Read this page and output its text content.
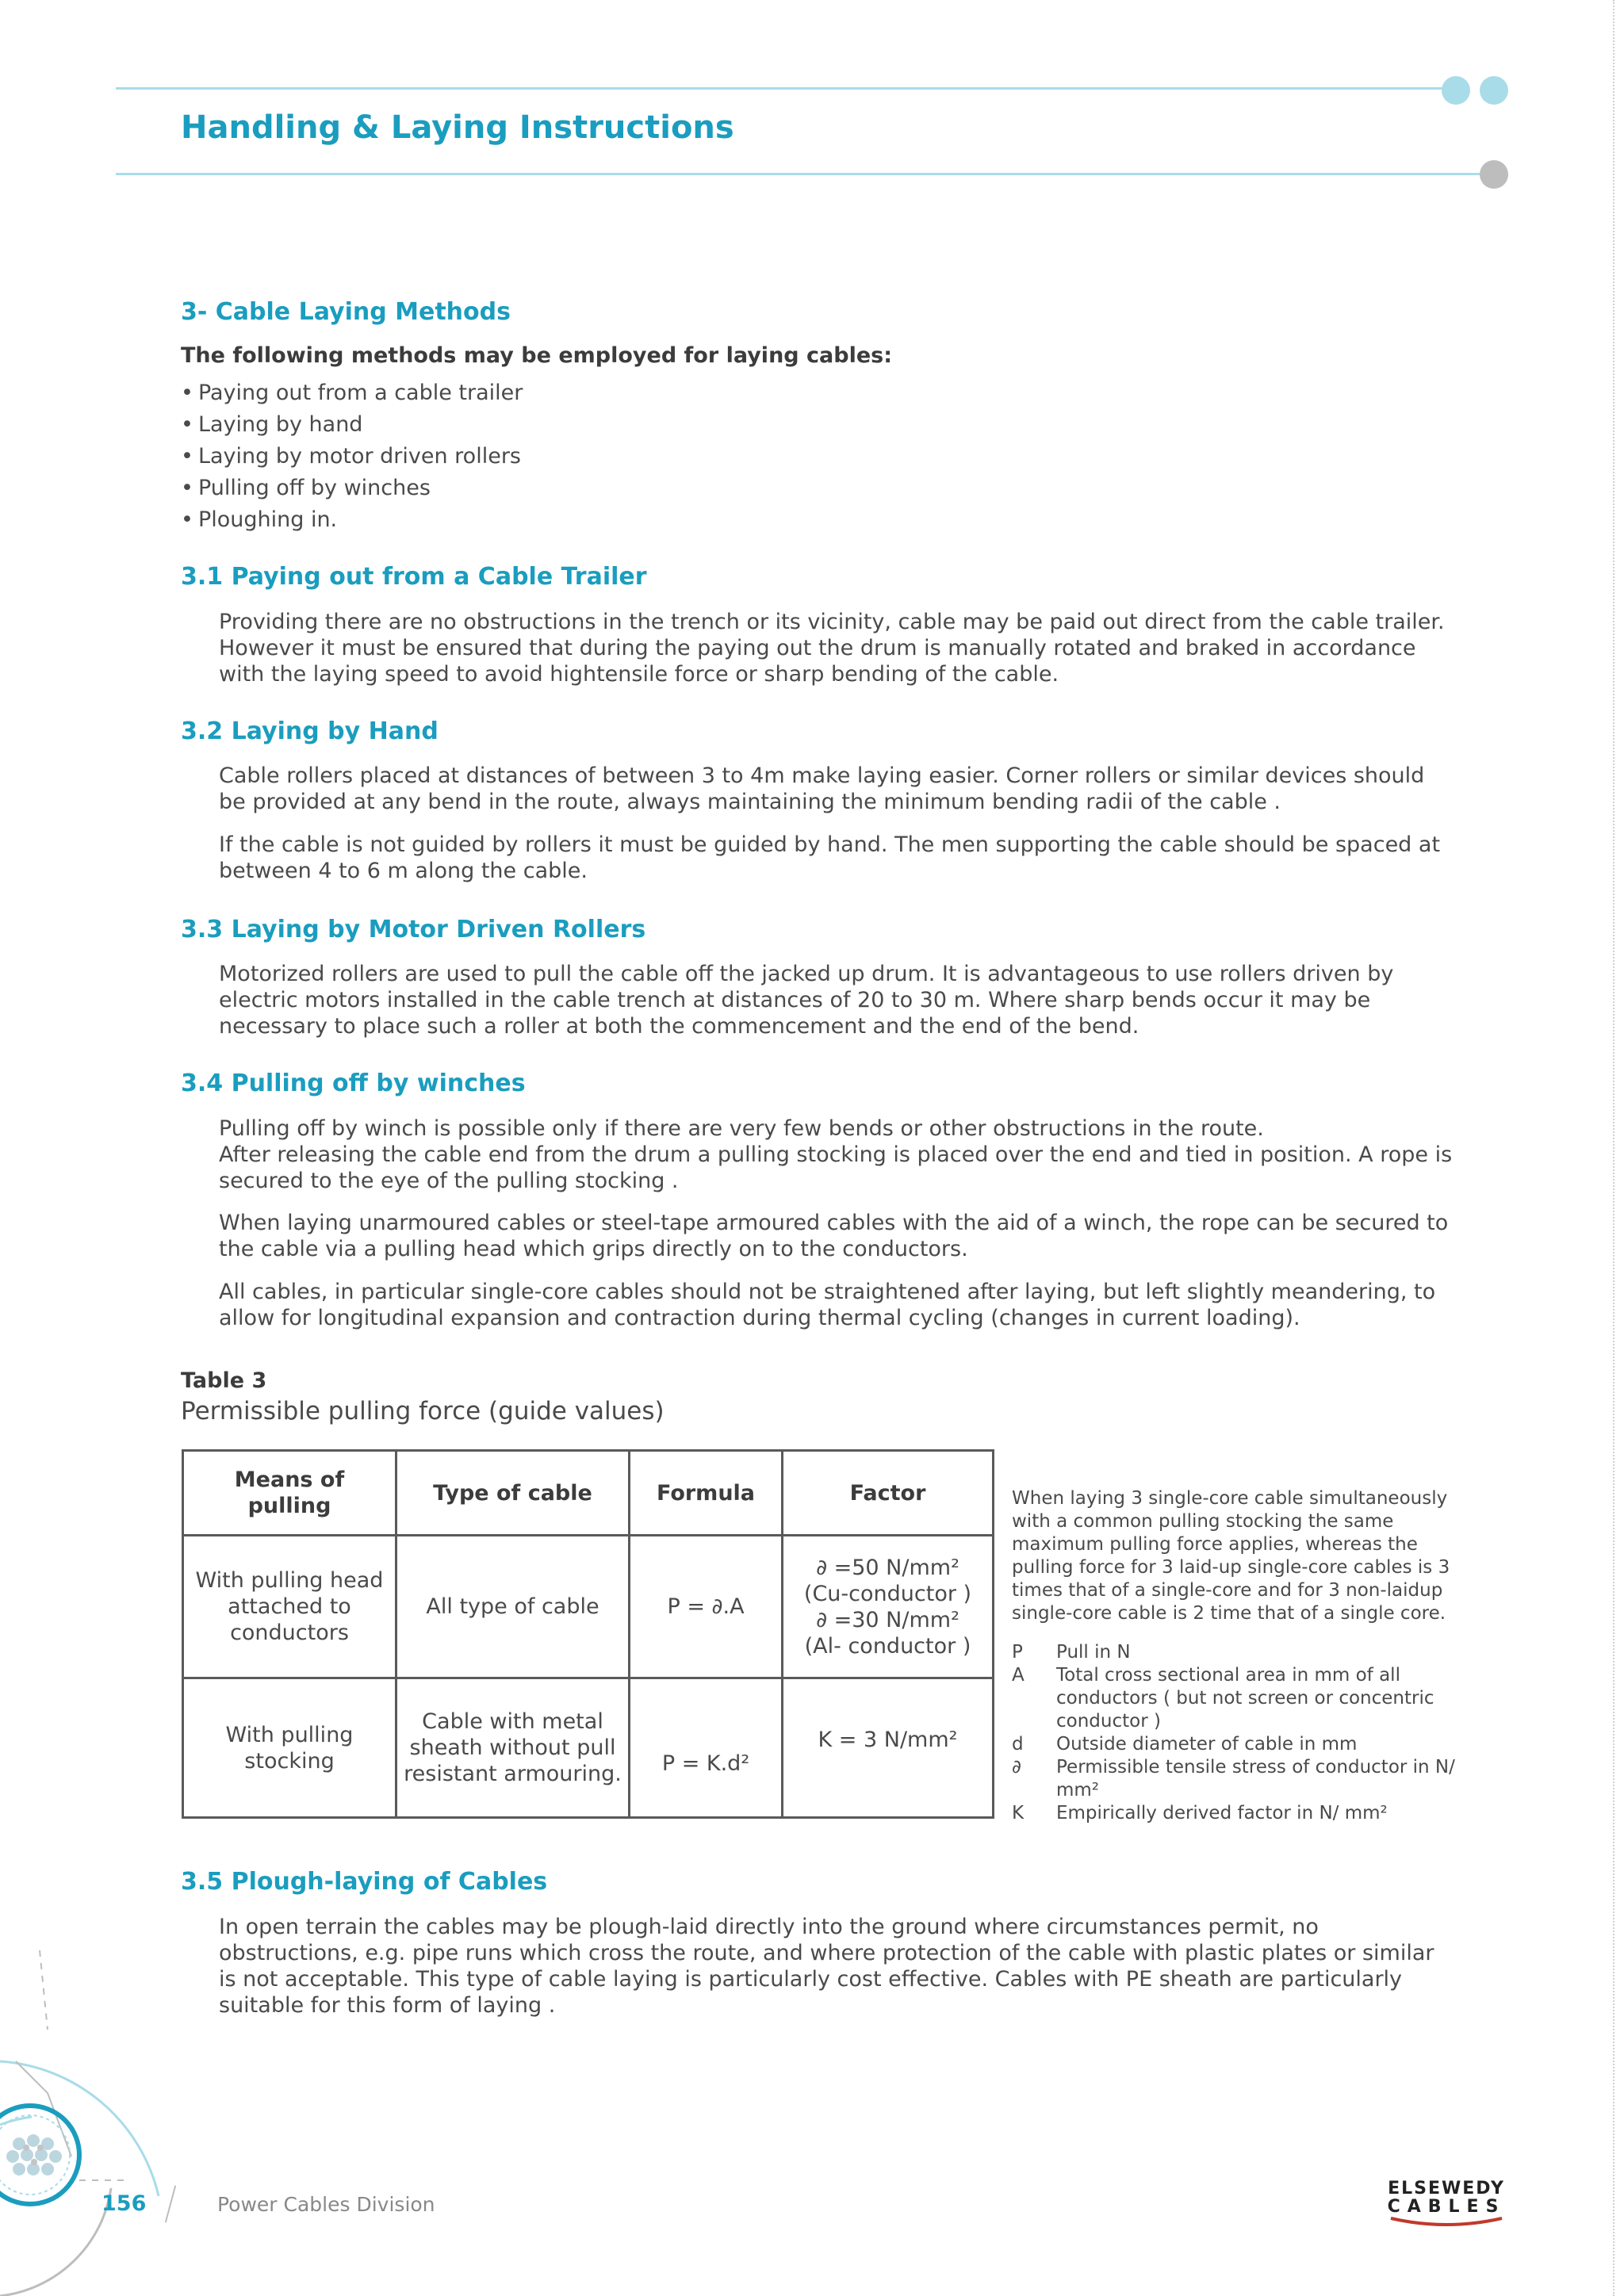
Handling & Laying Instructions
3- Cable Laying Methods
The following methods may be employed for laying cables:
• Paying out from a cable trailer
• Laying by hand
• Laying by motor driven rollers
• Pulling off by winches
• Ploughing in.
3.1 Paying out from a Cable Trailer

Providing there are no obstructions in the trench or its vicinity, cable may be paid out direct from the cable trailer. However it must be ensured that during the paying out the drum is manually rotated and braked in accordance with the laying speed to avoid hightensile force or sharp bending of the cable.

3.2 Laying by Hand

Cable rollers placed at distances of between 3 to 4m make laying easier. Corner rollers or similar devices should be provided at any bend in the route, always maintaining the minimum bending radii of the cable .

If the cable is not guided by rollers it must be guided by hand. The men supporting the cable should be spaced at between 4 to 6 m along the cable.

3.3 Laying by Motor Driven Rollers

Motorized rollers are used to pull the cable off the jacked up drum. It is advantageous to use rollers driven by electric motors installed in the cable trench at distances of 20 to 30 m. Where sharp bends occur it may be necessary to place such a roller at both the commencement and the end of the bend.

3.4 Pulling off by winches

Pulling off by winch is possible only if there are very few bends or other obstructions in the route.
After releasing the cable end from the drum a pulling stocking is placed over the end and tied in position. A rope is secured to the eye of the pulling stocking .

When laying unarmoured cables or steel-tape armoured cables with the aid of a winch, the rope can be secured to the cable via a pulling head which grips directly on to the conductors.

All cables, in particular single-core cables should not be straightened after laying, but left slightly meandering, to allow for longitudinal expansion and contraction during thermal cycling (changes in current loading).

Table 3
Permissible pulling force (guide values)
Means of pulling	Type of cable	Formula	Factor
With pulling head
attached to
conductors	All type of cable	P = ∂.A	∂ =50 N/mm²
(Cu-conductor )
∂ =30 N/mm²
(Al- conductor )
With pulling
stocking	Cable with metal
sheath without pull
resistant armouring.	P = K.d²	K = 3 N/mm²
When laying 3 single-core cable simultaneously with a common pulling stocking the same maximum pulling force applies, whereas the pulling force for 3 laid-up single-core cables is 3 times that of a single-core and for 3 non-laidup single-core cable is 2 time that of a single core.
P	Pull in N
A	Total cross sectional area in mm of all conductors ( but not screen or concentric conductor )
d	Outside diameter of cable in mm
∂	Permissible tensile stress of conductor in N/ mm²
K	Empirically derived factor in N/ mm²
3.5 Plough-laying of Cables

In open terrain the cables may be plough-laid directly into the ground where circumstances permit, no obstructions, e.g. pipe runs which cross the route, and where protection of the cable with plastic plates or similar is not acceptable. This type of cable laying is particularly cost effective. Cables with PE sheath are particularly suitable for this form of laying .

156	Power Cables Division
ELSEWEDY
CABLES
